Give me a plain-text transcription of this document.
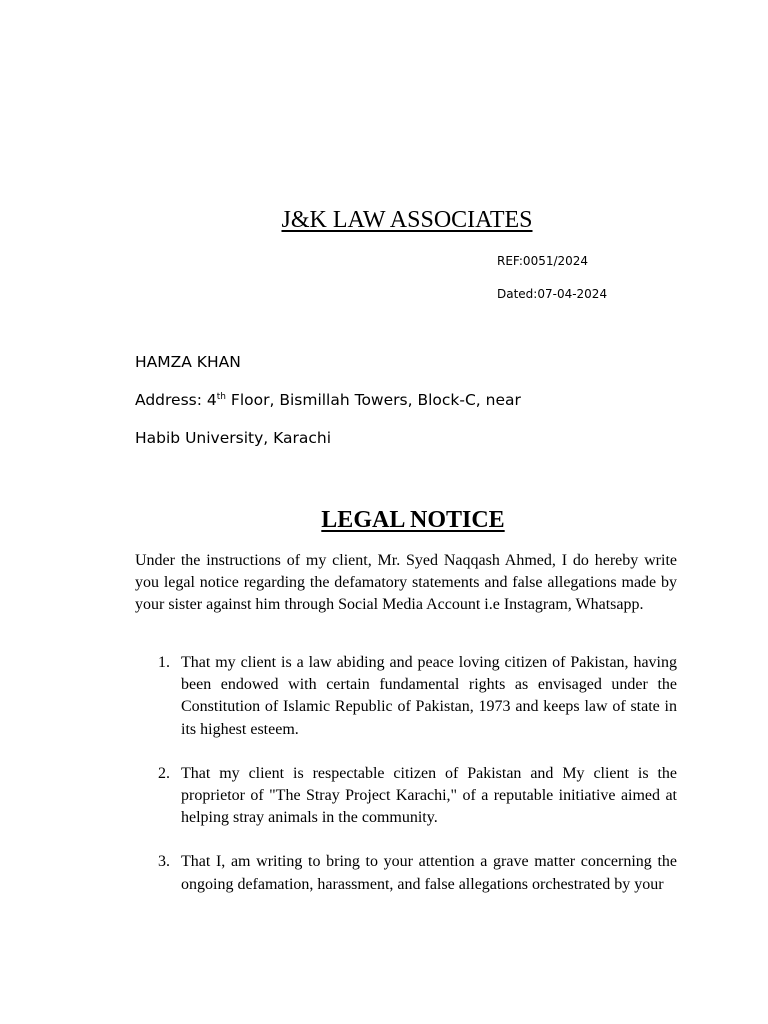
J&K LAW ASSOCIATES
REF:0051/2024
Dated:07-04-2024
HAMZA KHAN
Address: 4th Floor, Bismillah Towers, Block-C, near
Habib University, Karachi
LEGAL NOTICE

Under the instructions of my client, Mr. Syed Naqqash Ahmed, I do hereby write you legal notice regarding the defamatory statements and false allegations made by your sister against him through Social Media Account i.e Instagram, Whatsapp.

1. That my client is a law abiding and peace loving citizen of Pakistan, having been endowed with certain fundamental rights as envisaged under the Constitution of Islamic Republic of Pakistan, 1973 and keeps law of state in its highest esteem.
2. That my client is respectable citizen of Pakistan and My client is the proprietor of "The Stray Project Karachi," of a reputable initiative aimed at helping stray animals in the community.
3. That I, am writing to bring to your attention a grave matter concerning the ongoing defamation, harassment, and false allegations orchestrated by your
